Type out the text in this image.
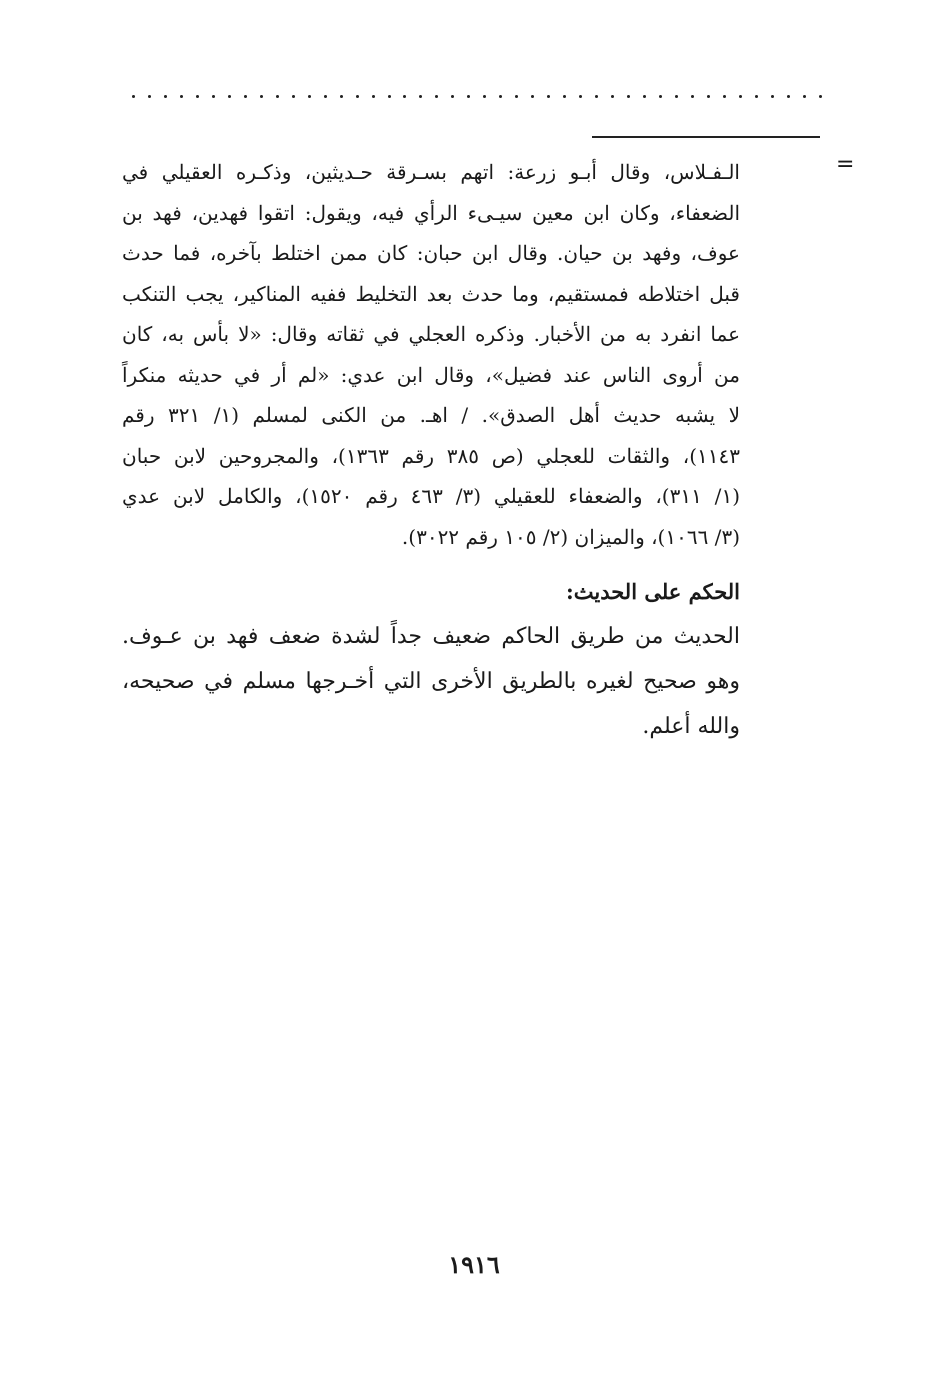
=
الـفـلاس، وقال أبـو زرعة: اتهم بسـرقة حـديثين، وذكـره العقيلي في
الضعفاء، وكان ابن معين سيـىء الرأي فيه، ويقول: اتقوا فهدين، فهد بن
عوف، وفهد بن حيان. وقال ابن حبان: كان ممن اختلط بآخره، فما حدث
قبل اختلاطه فمستقيم، وما حدث بعد التخليط ففيه المناكير، يجب التنكب
عما انفرد به من الأخبار. وذكره العجلي في ثقاته وقال: «لا بأس به، كان
من أروى الناس عند فضيل»، وقال ابن عدي: «لم أر في حديثه منكراً
لا يشبه حديث أهل الصدق». / اهـ. من الكنى لمسلم (١/ ٣٢١ رقم
١١٤٣)، والثقات للعجلي (ص ٣٨٥ رقم ١٣٦٣)، والمجروحين لابن حبان
(١/ ٣١١)، والضعفاء للعقيلي (٣/ ٤٦٣ رقم ١٥٢٠)، والكامل لابن عدي
(٣/ ١٠٦٦)، والميزان (٢/ ١٠٥ رقم ٣٠٢٢).
الحكم على الحديث:
الحديث من طريق الحاكم ضعيف جداً لشدة ضعف فهد بن عـوف.
وهو صحيح لغيره بالطريق الأخرى التي أخـرجها مسلم في صحيحه،
والله أعلم.
١٩١٦
